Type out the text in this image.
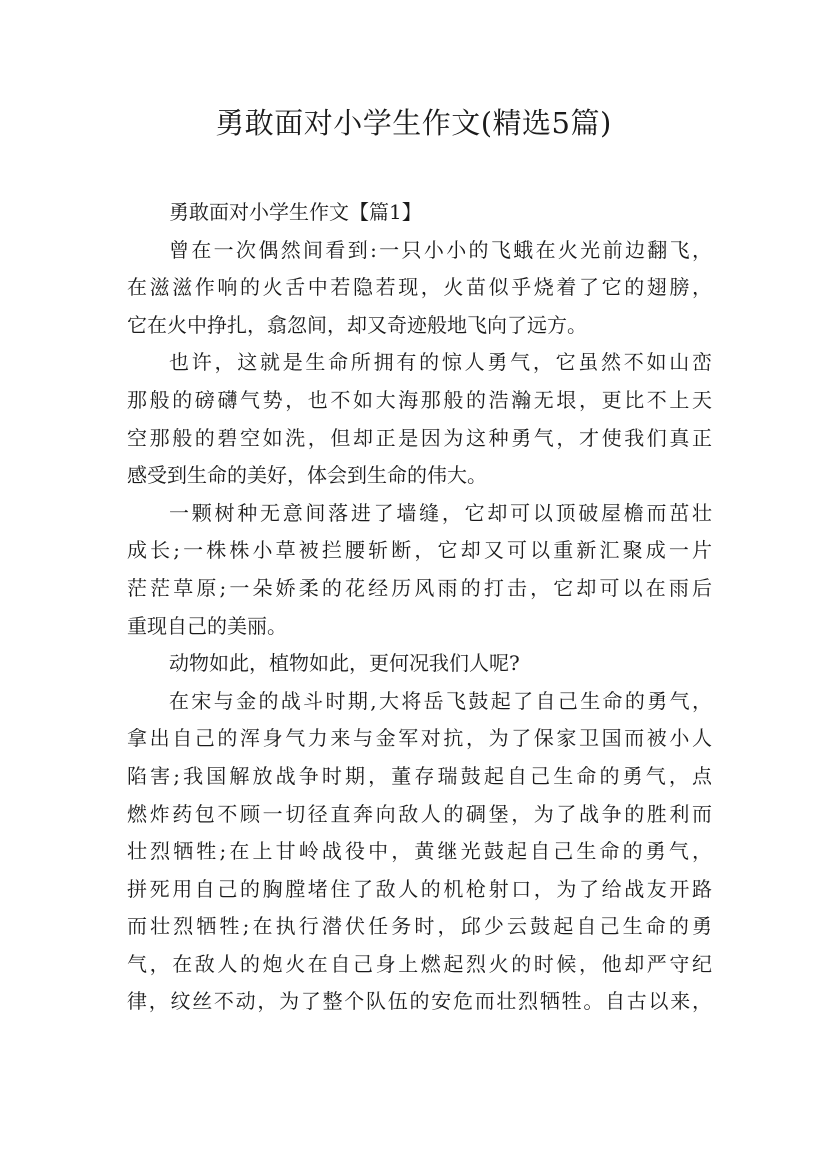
勇敢面对小学生作文(精选5篇)
勇敢面对小学生作文【篇1】
曾在一次偶然间看到:一只小小的飞蛾在火光前边翻飞，
在滋滋作响的火舌中若隐若现，火苗似乎烧着了它的翅膀，
它在火中挣扎，翕忽间，却又奇迹般地飞向了远方。
也许，这就是生命所拥有的惊人勇气，它虽然不如山峦
那般的磅礴气势，也不如大海那般的浩瀚无垠，更比不上天
空那般的碧空如洗，但却正是因为这种勇气，才使我们真正
感受到生命的美好，体会到生命的伟大。
一颗树种无意间落进了墙缝，它却可以顶破屋檐而茁壮
成长;一株株小草被拦腰斩断，它却又可以重新汇聚成一片
茫茫草原;一朵娇柔的花经历风雨的打击，它却可以在雨后
重现自己的美丽。
动物如此，植物如此，更何况我们人呢?
在宋与金的战斗时期,大将岳飞鼓起了自己生命的勇气，
拿出自己的浑身气力来与金军对抗，为了保家卫国而被小人
陷害;我国解放战争时期，董存瑞鼓起自己生命的勇气，点
燃炸药包不顾一切径直奔向敌人的碉堡，为了战争的胜利而
壮烈牺牲;在上甘岭战役中，黄继光鼓起自己生命的勇气，
拼死用自己的胸膛堵住了敌人的机枪射口，为了给战友开路
而壮烈牺牲;在执行潜伏任务时，邱少云鼓起自己生命的勇
气，在敌人的炮火在自己身上燃起烈火的时候，他却严守纪
律，纹丝不动，为了整个队伍的安危而壮烈牺牲。自古以来，
